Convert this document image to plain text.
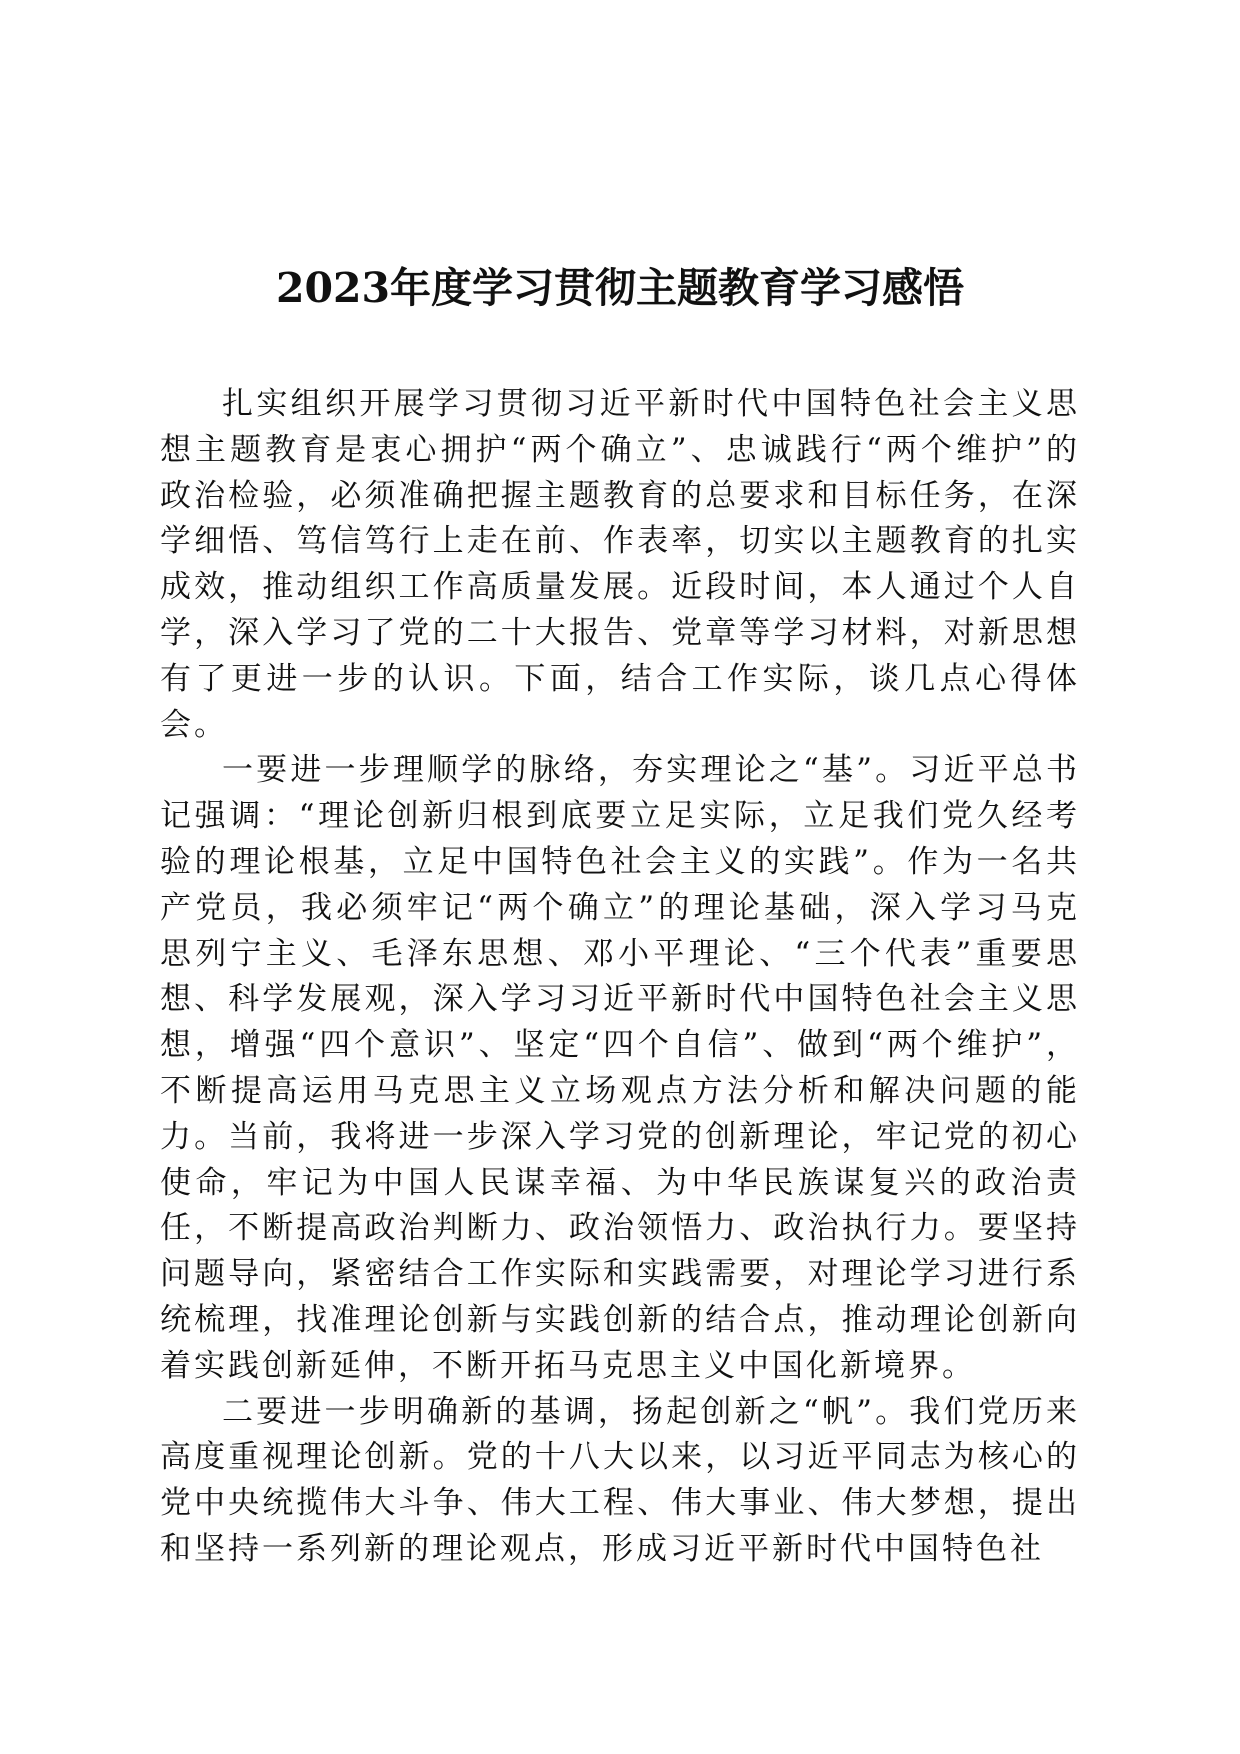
2023年度学习贯彻主题教育学习感悟

扎实组织开展学习贯彻习近平新时代中国特色社会主义思想主题教育是衷心拥护“两个确立”、忠诚践行“两个维护”的政治检验，必须准确把握主题教育的总要求和目标任务，在深学细悟、笃信笃行上走在前、作表率，切实以主题教育的扎实成效，推动组织工作高质量发展。近段时间，本人通过个人自学，深入学习了党的二十大报告、党章等学习材料，对新思想有了更进一步的认识。下面，结合工作实际，谈几点心得体会。

一要进一步理顺学的脉络，夯实理论之“基”。习近平总书记强调：“理论创新归根到底要立足实际，立足我们党久经考验的理论根基，立足中国特色社会主义的实践”。作为一名共产党员，我必须牢记“两个确立”的理论基础，深入学习马克思列宁主义、毛泽东思想、邓小平理论、“三个代表”重要思想、科学发展观，深入学习习近平新时代中国特色社会主义思想，增强“四个意识”、坚定“四个自信”、做到“两个维护”，不断提高运用马克思主义立场观点方法分析和解决问题的能力。当前，我将进一步深入学习党的创新理论，牢记党的初心使命，牢记为中国人民谋幸福、为中华民族谋复兴的政治责任，不断提高政治判断力、政治领悟力、政治执行力。要坚持问题导向，紧密结合工作实际和实践需要，对理论学习进行系统梳理，找准理论创新与实践创新的结合点，推动理论创新向着实践创新延伸，不断开拓马克思主义中国化新境界。

二要进一步明确新的基调，扬起创新之“帆”。我们党历来高度重视理论创新。党的十八大以来，以习近平同志为核心的党中央统揽伟大斗争、伟大工程、伟大事业、伟大梦想，提出和坚持一系列新的理论观点，形成习近平新时代中国特色社
